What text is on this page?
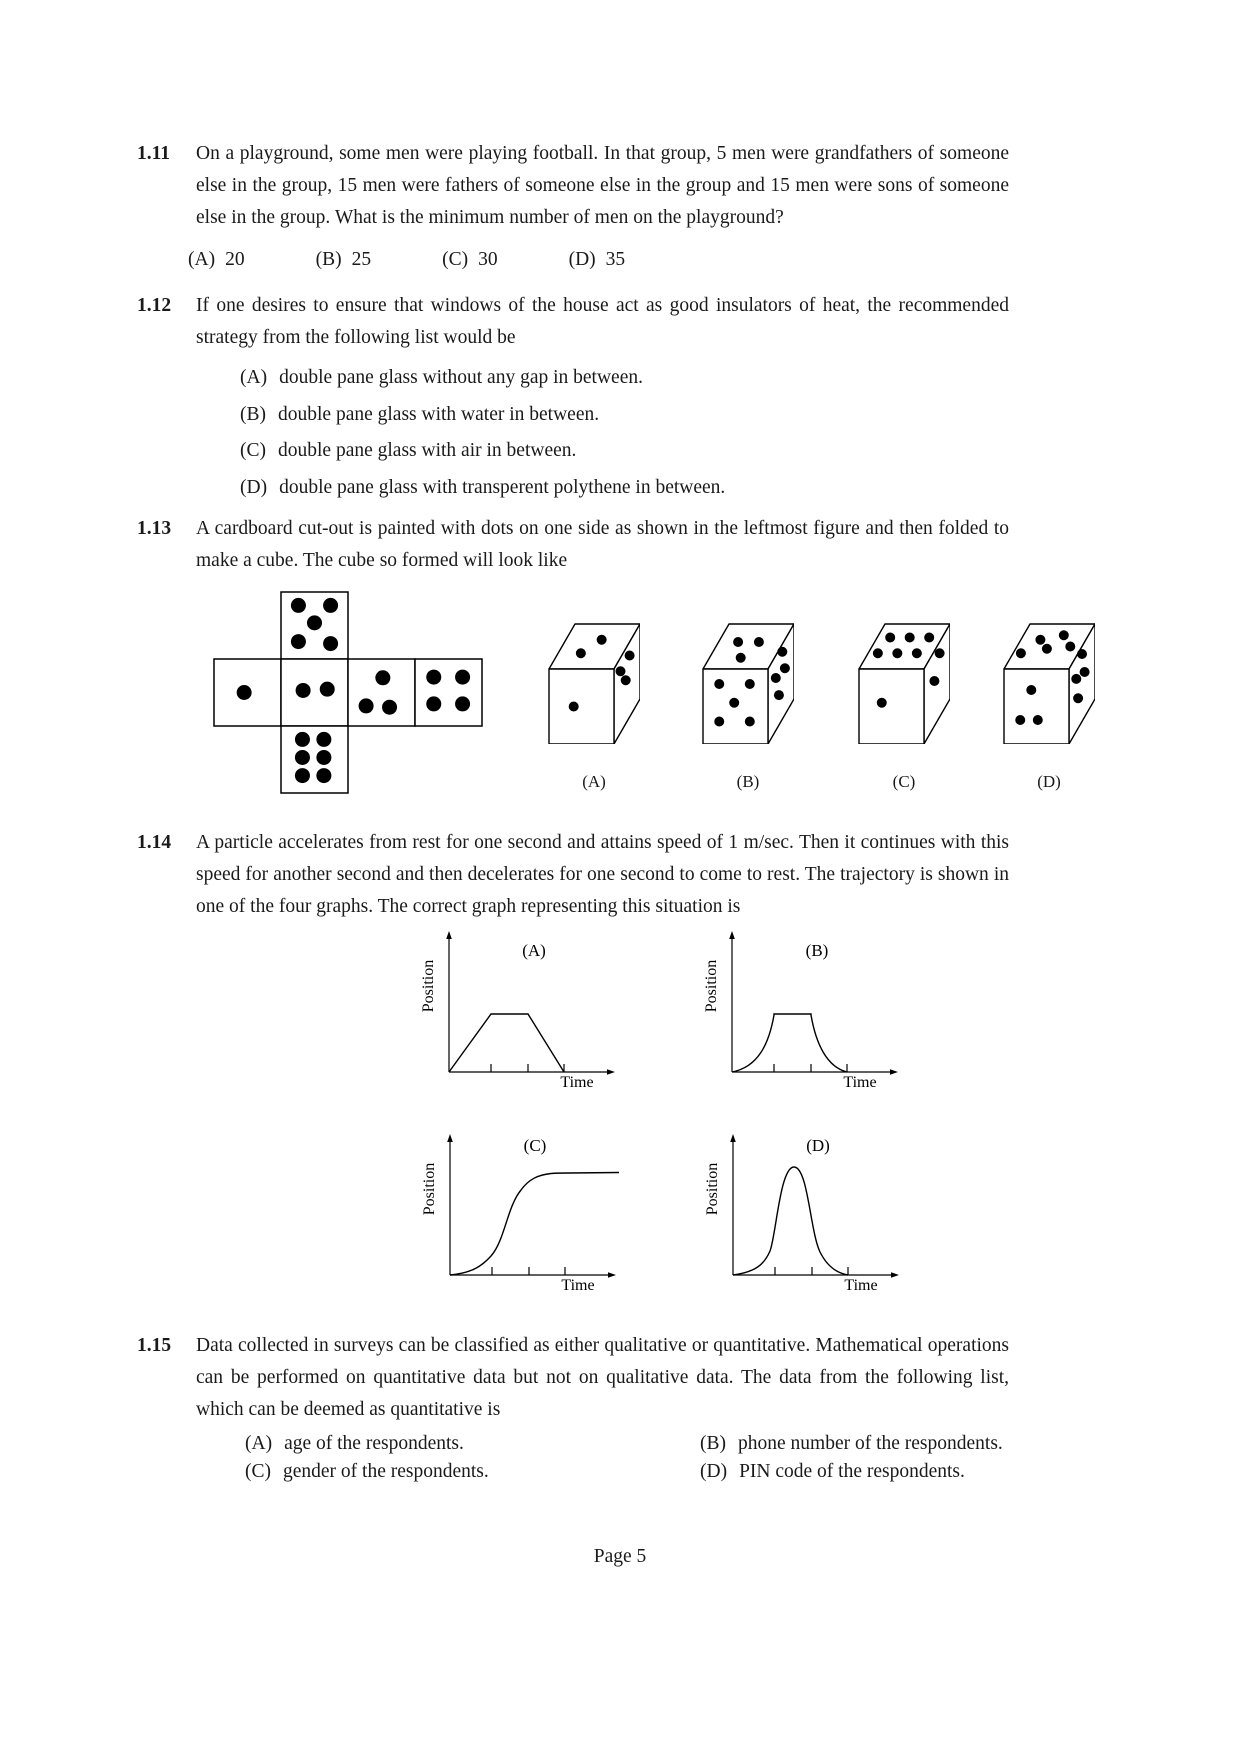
1.11	On a playground, some men were playing football. In that group, 5 men were grandfathers of someone else in the group, 15 men were fathers of someone else in the group and 15 men were sons of someone else in the group. What is the minimum number of men on the playground?

(A) 20	(B) 25	(C) 30	(D) 35
1.12	If one desires to ensure that windows of the house act as good insulators of heat, the recommended strategy from the following list would be

(A) double pane glass without any gap in between.
(B) double pane glass with water in between.
(C) double pane glass with air in between.
(D) double pane glass with transperent polythene in between.
1.13	A cardboard cut-out is painted with dots on one side as shown in the leftmost figure and then folded to make a cube. The cube so formed will look like

(A)	(B)	(C)	(D)
1.14	A particle accelerates from rest for one second and attains speed of 1 m/sec. Then it continues with this speed for another second and then decelerates for one second to come to rest. The trajectory is shown in one of the four graphs. The correct graph representing this situation is

(A)
Time
Position
(B)
Time
Position
(C)
Time
Position
(D)
Time
Position
1.15	Data collected in surveys can be classified as either qualitative or quantitative. Mathematical operations can be performed on quantitative data but not on qualitative data. The data from the following list, which can be deemed as quantitative is

(A) age of the respondents.	(B) phone number of the respondents.
(C) gender of the respondents.	(D) PIN code of the respondents.
Page 5
